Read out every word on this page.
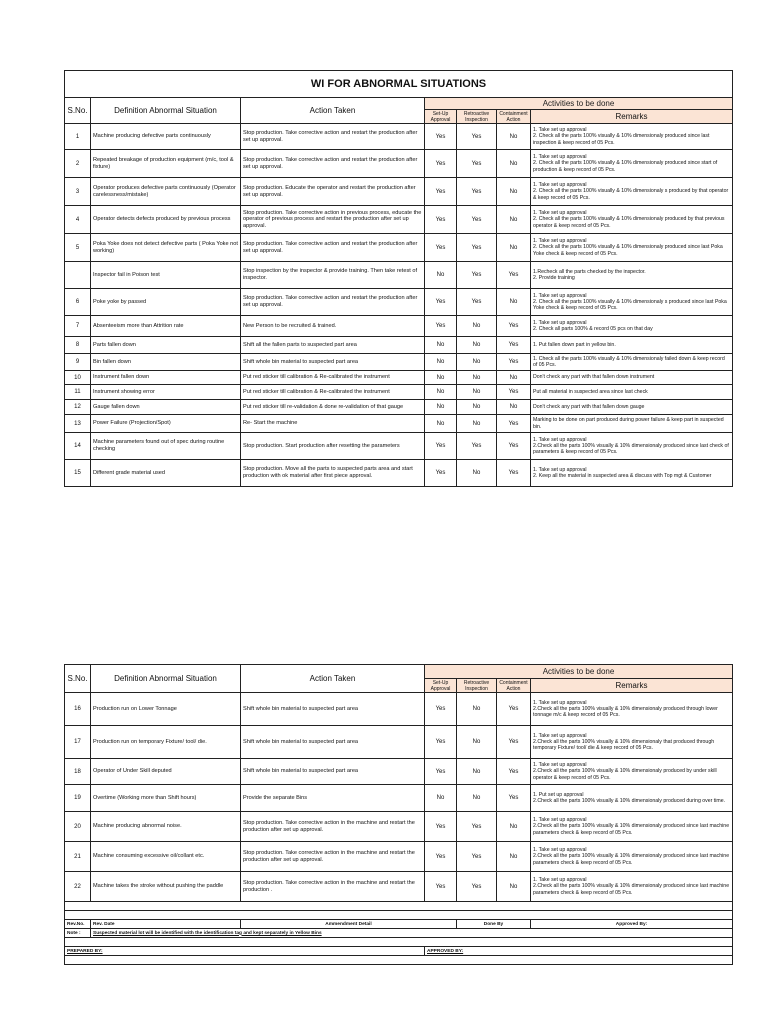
WI FOR ABNORMAL SITUATIONS						
S.No.	Definition Abnormal Situation	Action Taken	Activities to be done			
			Set-Up Approval	Retroactive Inspection	Containment Action	Remarks
1	Machine producing defective parts continuously	Stop production. Take corrective action and restart the production after set up approval.	Yes	Yes	No	1. Take set up approval
2. Check all the parts 100% visually & 10% dimensionaly produced since last inspection & keep record of 05 Pcs.
2	Repeated breakage of production equipment (m/c, tool & fixture)	Stop production. Take corrective action and restart the production after set up approval.	Yes	Yes	No	1. Take set up approval
2. Check all the parts 100% visually & 10% dimensionaly produced since start of production & keep record of 05 Pcs.
3	Operator produces defective parts continuously (Operator carelessness/mistake)	Stop production. Educate the operator and restart the production after set up approval.	Yes	Yes	No	1. Take set up approval
2. Check all the parts 100% visually & 10% dimensionaly s produced by that operator & keep record of 05 Pcs.
4	Operator detects defects produced by previous process	Stop production. Take corrective action in previous process, educate the operator of previous process and restart the production after set up approval.	Yes	Yes	No	1. Take set up approval
2. Check all the parts 100% visually & 10% dimensionaly produced by that previous operator & keep record of 05 Pcs.
5	Poka Yoke does not detect defective parts ( Poka Yoke not working)	Stop production. Take corrective action and restart the production after set up approval.	Yes	Yes	No	1. Take set up approval
2. Check all the parts 100% visually & 10% dimensionaly produced since last Poka Yoke check & keep record of 05 Pcs.
	Inspector fail in Poison test	Stop inspection by the inspector & provide training. Then take retest of inspector.	No	Yes	Yes	1.Recheck all the parts checked by the inspector.
2. Provide training
6	Poke yoke by passed	Stop production. Take corrective action and restart the production after set up approval.	Yes	Yes	No	1. Take set up approval
2. Check all the parts 100% visually & 10% dimensionaly s produced since last Poka Yoke check & keep record of 05 Pcs.
7	Absenteeism more than Attrition rate	New Person to be recruited & trained.	Yes	No	Yes	1. Take set up approval
2. Check all parts 100% & record 05 pcs on that day
8	Parts fallen down	Shift all the fallen parts to suspected part area	No	No	Yes	1. Put fallen down part in yellow bin.
9	Bin fallen down	Shift whole bin material to suspected part area	No	No	Yes	1. Check all the parts 100% visually & 10% dimensionaly failed down & keep record of 05 Pcs.
10	Instrument fallen down	Put red sticker till calibration & Re-calibrated the instrument	No	No	No	Don't check any part with that fallen down instrument
11	Instrument showing error	Put red sticker till calibration & Re-calibrated the instrument	No	No	Yes	Put all material in suspected area since last check
12	Gauge fallen down	Put red sticker till re-validation & done re-validation of that gauge	No	No	No	Don't check any part with that fallen down gauge
13	Power Failure (Projection/Spot)	Re- Start the machine	No	No	Yes	Marking to be done on part produced during power failure & keep part in suspected bin.
14	Machine parameters found out of spec during routine checking	Stop production. Start production after resetting the parameters	Yes	Yes	Yes	1. Take set up approval
2.Check all the parts 100% visually & 10% dimensionaly produced since last check of parameters & keep record of 05 Pcs.
15	Different grade material used	Stop production. Move all the parts to suspected parts area and start production with ok material after first piece approval.	Yes	No	Yes	1. Take set up approval
2. Keep all the material in suspected area & discuss with Top mgt & Customer
S.No.	Definition Abnormal Situation	Action Taken	Activities to be done			
			Set-Up Approval	Retroactive Inspection	Containment Action	Remarks
16	Production run on Lower Tonnage	Shift whole bin material to suspected part area	Yes	No	Yes	1. Take set up approval
2.Check all the parts 100% visually & 10% dimensionaly produced through lower tonnage m/c & keep record of 05 Pcs.
17	Production run on temporary Fixture/ tool/ die.	Shift whole bin material to suspected part area	Yes	No	Yes	1. Take set up approval
2.Check all the parts 100% visually & 10% dimensionaly that produced through temporary Fixture/ tool/ die & keep record of 05 Pcs.
18	Operator of Under Skill deputed	Shift whole bin material to suspected part area	Yes	No	Yes	1. Take set up approval
2.Check all the parts 100% visually & 10% dimensionaly produced by under skill operator & keep record of 05 Pcs.
19	Overtime (Working more than Shift hours)	Provide the separate Bins	No	No	Yes	1. Put set up approval
2.Check all the parts 100% visually & 10% dimensionaly produced during over time.
20	Machine producing abnormal noise.	Stop production. Take corrective action in the machine and restart the production after set up approval.	Yes	Yes	No	1. Take set up approval
2.Check all the parts 100% visually & 10% dimensionaly produced since last machine parameters check & keep record of 05 Pcs.
21	Machine consuming excessive oil/collant etc.	Stop production. Take corrective action in the machine and restart the production after set up approval.	Yes	Yes	No	1. Take set up approval
2.Check all the parts 100% visually & 10% dimensionaly produced since last machine parameters check & keep record of 05 Pcs.
22	Machine takes the stroke without pushing the paddle	Stop production. Take corrective action in the machine and restart the production .	Yes	Yes	No	1. Take set up approval
2.Check all the parts 100% visually & 10% dimensionaly produced since last machine parameters check & keep record of 05 Pcs.

Rev.No.	Rev. Date	Ammendment Detail		Done By		Approved By:
Note :	Suspected material lot will be identified with the identification tag and kept separately in Yellow Bins					

PREPARED BY:			APPROVED BY:			
